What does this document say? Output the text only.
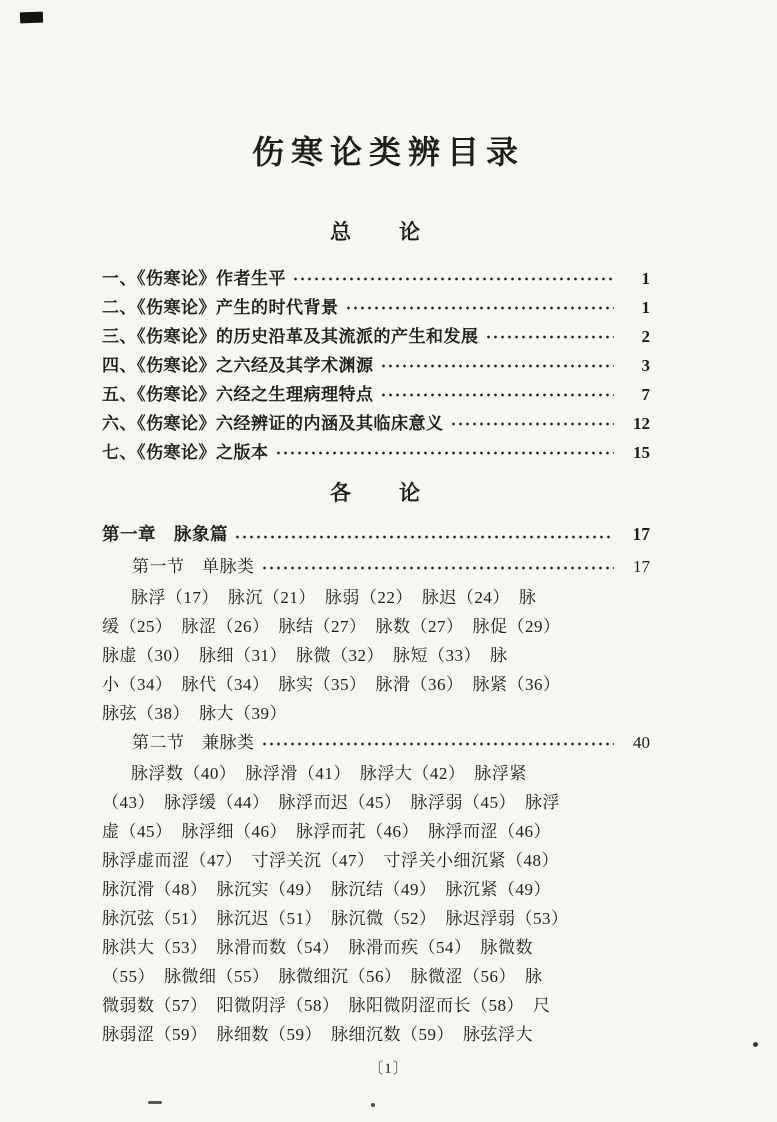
伤寒论类辨目录
总　　论
一、《伤寒论》作者生平	1
二、《伤寒论》产生的时代背景	1
三、《伤寒论》的历史沿革及其流派的产生和发展	2
四、《伤寒论》之六经及其学术渊源	3
五、《伤寒论》六经之生理病理特点	7
六、《伤寒论》六经辨证的内涵及其临床意义	12
七、《伤寒论》之版本	15
各　　论
第一章　脉象篇	17
第一节　单脉类	17
脉浮（17）　脉沉（21）　脉弱（22）　脉迟（24）　脉
缓（25）　脉涩（26）　脉结（27）　脉数（27）　脉促（29）
脉虚（30）　脉细（31）　脉微（32）　脉短（33）　脉
小（34）　脉代（34）　脉实（35）　脉滑（36）　脉紧（36）
脉弦（38）　脉大（39）
第二节　兼脉类	40
脉浮数（40）　脉浮滑（41）　脉浮大（42）　脉浮紧
（43）　脉浮缓（44）　脉浮而迟（45）　脉浮弱（45）　脉浮
虚（45）　脉浮细（46）　脉浮而芤（46）　脉浮而涩（46）
脉浮虚而涩（47）　寸浮关沉（47）　寸浮关小细沉紧（48）
脉沉滑（48）　脉沉实（49）　脉沉结（49）　脉沉紧（49）
脉沉弦（51）　脉沉迟（51）　脉沉微（52）　脉迟浮弱（53）
脉洪大（53）　脉滑而数（54）　脉滑而疾（54）　脉微数
（55）　脉微细（55）　脉微细沉（56）　脉微涩（56）　脉
微弱数（57）　阳微阴浮（58）　脉阳微阴涩而长（58）　尺
脉弱涩（59）　脉细数（59）　脉细沉数（59）　脉弦浮大
〔1〕
